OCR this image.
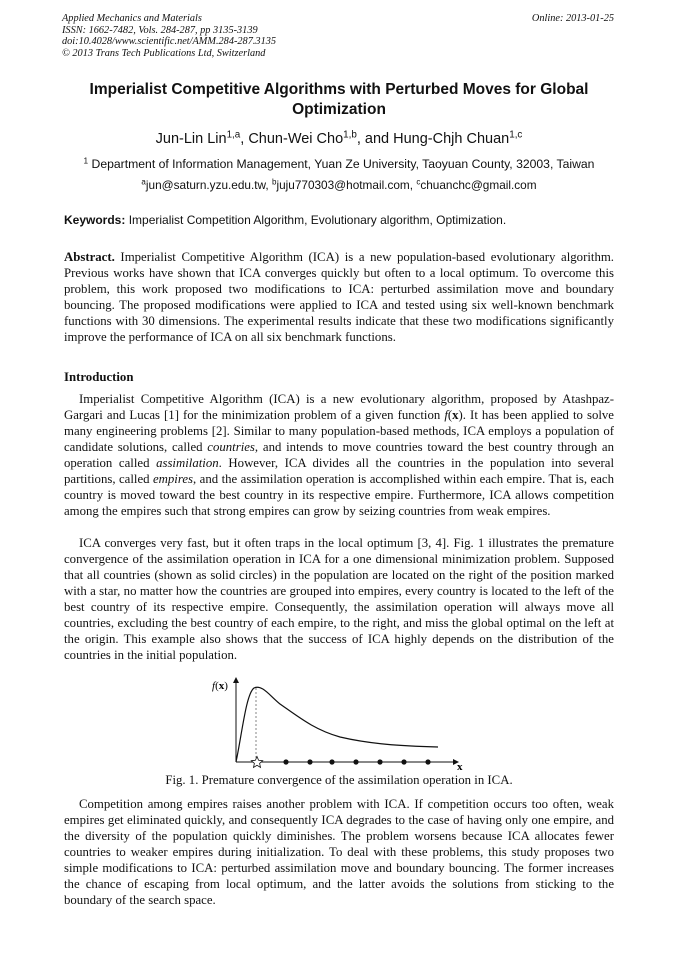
Applied Mechanics and Materials
ISSN: 1662-7482, Vols. 284-287, pp 3135-3139
doi:10.4028/www.scientific.net/AMM.284-287.3135
© 2013 Trans Tech Publications Ltd, Switzerland
Online: 2013-01-25
Imperialist Competitive Algorithms with Perturbed Moves for Global Optimization
Jun-Lin Lin$^{1,a}$, Chun-Wei Cho$^{1,b}$, and Hung-Chjh Chuan$^{1,c}$
$^1$ Department of Information Management, Yuan Ze University, Taoyuan County, 32003, Taiwan
$^a$jun@saturn.yzu.edu.tw, $^b$juju770303@hotmail.com, $^c$chuanchc@gmail.com
Keywords: Imperialist Competition Algorithm, Evolutionary algorithm, Optimization.

Abstract. Imperialist Competitive Algorithm (ICA) is a new population-based evolutionary algorithm. Previous works have shown that ICA converges quickly but often to a local optimum. To overcome this problem, this work proposed two modifications to ICA: perturbed assimilation move and boundary bouncing. The proposed modifications were applied to ICA and tested using six well-known benchmark functions with 30 dimensions. The experimental results indicate that these two modifications significantly improve the performance of ICA on all six benchmark functions.

Introduction

Imperialist Competitive Algorithm (ICA) is a new evolutionary algorithm, proposed by Atashpaz-Gargari and Lucas [1] for the minimization problem of a given function f(x). It has been applied to solve many engineering problems [2]. Similar to many population-based methods, ICA employs a population of candidate solutions, called countries, and intends to move countries toward the best country through an operation called assimilation. However, ICA divides all the countries in the population into several partitions, called empires, and the assimilation operation is accomplished within each empire. That is, each country is moved toward the best country in its respective empire. Furthermore, ICA allows competition among the empires such that strong empires can grow by seizing countries from weak empires.

ICA converges very fast, but it often traps in the local optimum [3, 4]. Fig. 1 illustrates the premature convergence of the assimilation operation in ICA for a one dimensional minimization problem. Supposed that all countries (shown as solid circles) in the population are located on the right of the position marked with a star, no matter how the countries are grouped into empires, every country is located to the left of the best country of its respective empire. Consequently, the assimilation operation will always move all countries, excluding the best country of each empire, to the right, and miss the global optimal on the left at the origin. This example also shows that the success of ICA highly depends on the distribution of the countries in the initial population.

f(x)
x
Fig. 1. Premature convergence of the assimilation operation in ICA.

Competition among empires raises another problem with ICA. If competition occurs too often, weak empires get eliminated quickly, and consequently ICA degrades to the case of having only one empire, and the diversity of the population quickly diminishes. The problem worsens because ICA allocates fewer countries to weaker empires during initialization. To deal with these problems, this study proposes two simple modifications to ICA: perturbed assimilation move and boundary bouncing. The former increases the chance of escaping from local optimum, and the latter avoids the solutions from sticking to the boundary of the search space.
